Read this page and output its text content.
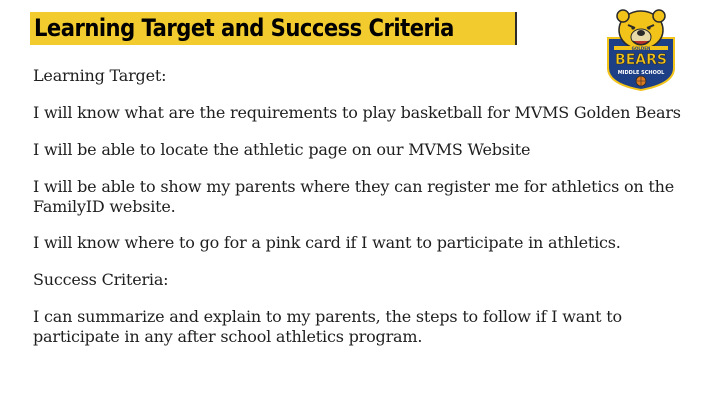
Learning Target and Success Criteria
GOLDEN
BEARS
MIDDLE SCHOOL

Learning Target:

I will know what are the requirements to play basketball for MVMS Golden Bears

I will be able to locate the athletic page on our MVMS Website

I will be able to show my parents where they can register me for athletics on the FamilyID website.

I will know where to go for a pink card if I want to participate in athletics.

Success Criteria:

I can summarize and explain to my parents, the steps to follow if I want to participate in any after school athletics program.
